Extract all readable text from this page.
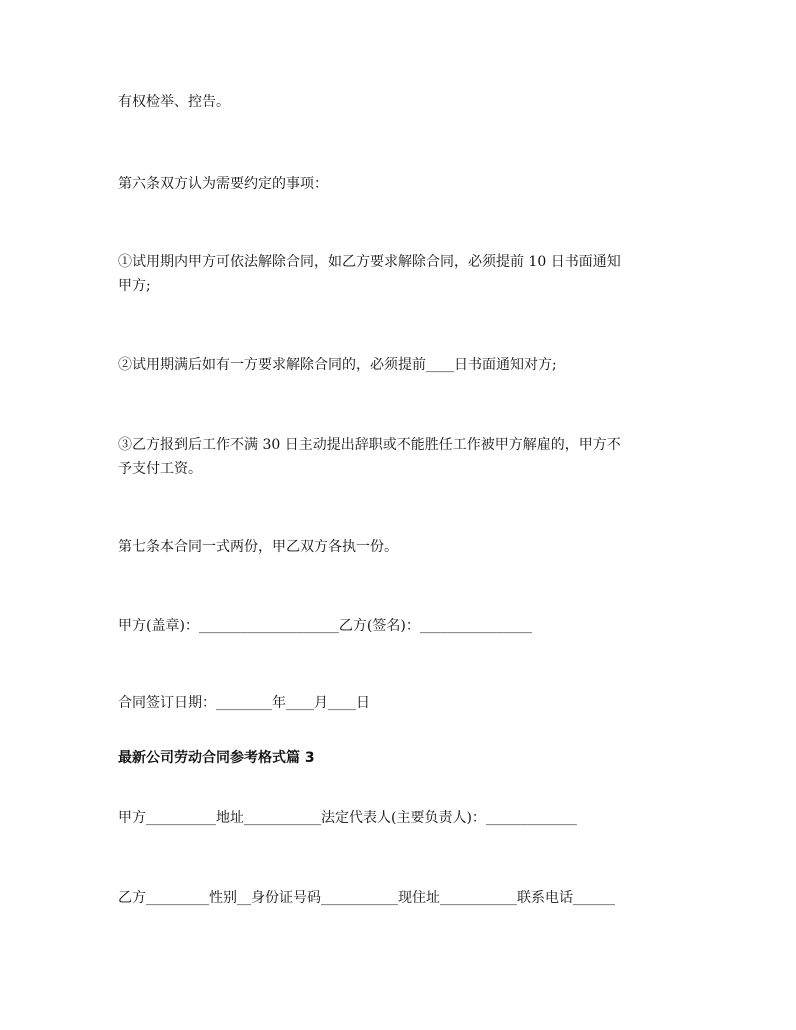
有权检举、控告。

第六条双方认为需要约定的事项：

①试用期内甲方可依法解除合同，如乙方要求解除合同，必须提前 10 日书面通知

甲方;

②试用期满后如有一方要求解除合同的，必须提前____日书面通知对方;

③乙方报到后工作不满 30 日主动提出辞职或不能胜任工作被甲方解雇的，甲方不

予支付工资。

第七条本合同一式两份，甲乙双方各执一份。

甲方(盖章)：____________________乙方(签名)：________________

合同签订日期：________年____月____日

最新公司劳动合同参考格式篇 3

甲方__________地址___________法定代表人(主要负责人)：_____________

乙方_________性别__身份证号码___________现住址___________联系电话______
